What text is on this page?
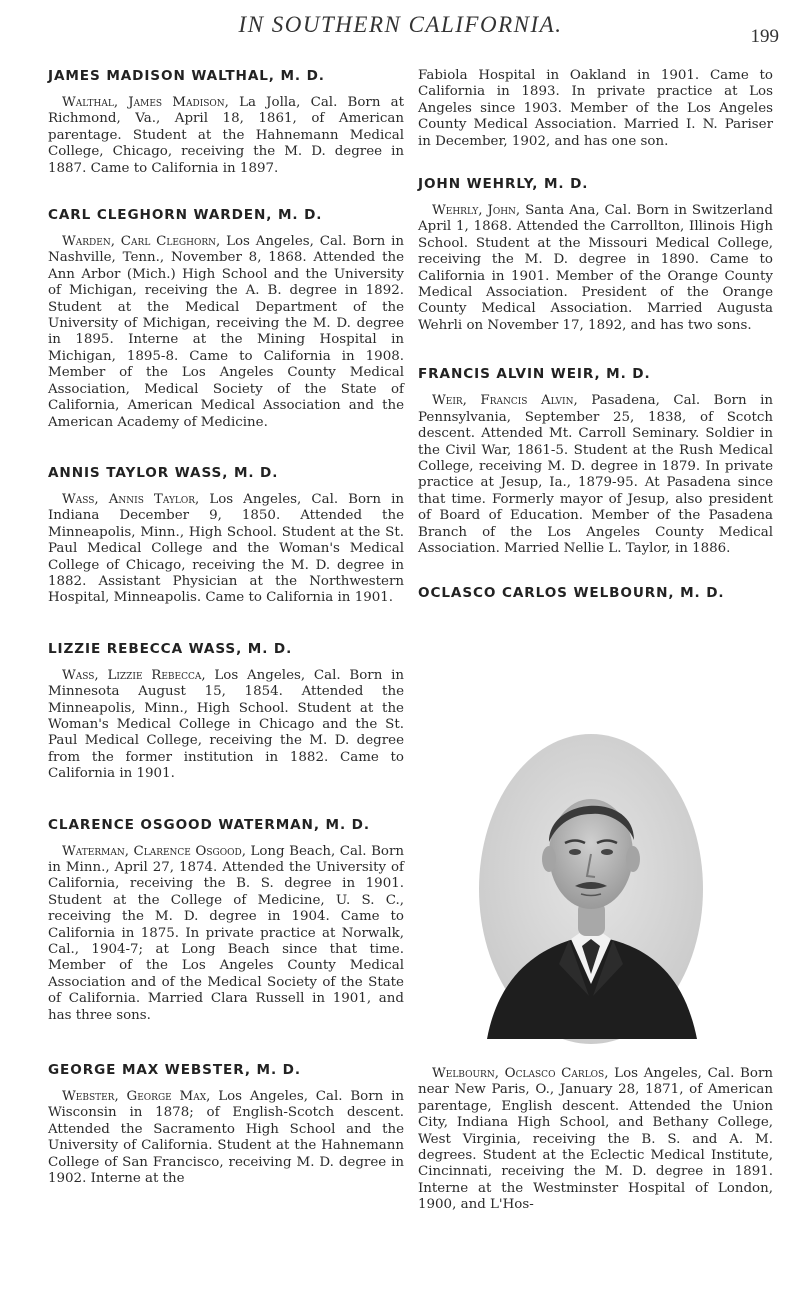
IN SOUTHERN CALIFORNIA.	199
JAMES MADISON WALTHAL, M. D.

Walthal, James Madison, La Jolla, Cal. Born at Richmond, Va., April 18, 1861, of American parentage. Student at the Hahnemann Medical College, Chicago, receiving the M. D. degree in 1887. Came to California in 1897.

CARL CLEGHORN WARDEN, M. D.

Warden, Carl Cleghorn, Los Angeles, Cal. Born in Nashville, Tenn., November 8, 1868. Attended the Ann Arbor (Mich.) High School and the University of Michigan, receiving the A. B. degree in 1892. Student at the Medical Department of the University of Michigan, receiving the M. D. degree in 1895. Interne at the Mining Hospital in Michigan, 1895-8. Came to California in 1908. Member of the Los Angeles County Medical Association, Medical Society of the State of California, American Medical Association and the American Academy of Medicine.

ANNIS TAYLOR WASS, M. D.

Wass, Annis Taylor, Los Angeles, Cal. Born in Indiana December 9, 1850. Attended the Minneapolis, Minn., High School. Student at the St. Paul Medical College and the Woman's Medical College of Chicago, receiving the M. D. degree in 1882. Assistant Physician at the Northwestern Hospital, Minneapolis. Came to California in 1901.

LIZZIE REBECCA WASS, M. D.

Wass, Lizzie Rebecca, Los Angeles, Cal. Born in Minnesota August 15, 1854. Attended the Minneapolis, Minn., High School. Student at the Woman's Medical College in Chicago and the St. Paul Medical College, receiving the M. D. degree from the former institution in 1882. Came to California in 1901.

CLARENCE OSGOOD WATERMAN, M. D.

Waterman, Clarence Osgood, Long Beach, Cal. Born in Minn., April 27, 1874. Attended the University of California, receiving the B. S. degree in 1901. Student at the College of Medicine, U. S. C., receiving the M. D. degree in 1904. Came to California in 1875. In private practice at Norwalk, Cal., 1904-7; at Long Beach since that time. Member of the Los Angeles County Medical Association and of the Medical Society of the State of California. Married Clara Russell in 1901, and has three sons.

GEORGE MAX WEBSTER, M. D.

Webster, George Max, Los Angeles, Cal. Born in Wisconsin in 1878; of English-Scotch descent. Attended the Sacramento High School and the University of California. Student at the Hahnemann College of San Francisco, receiving M. D. degree in 1902. Interne at the

Fabiola Hospital in Oakland in 1901. Came to California in 1893. In private practice at Los Angeles since 1903. Member of the Los Angeles County Medical Association. Married I. N. Pariser in December, 1902, and has one son.

JOHN WEHRLY, M. D.

Wehrly, John, Santa Ana, Cal. Born in Switzerland April 1, 1868. Attended the Carrollton, Illinois High School. Student at the Missouri Medical College, receiving the M. D. degree in 1890. Came to California in 1901. Member of the Orange County Medical Association. President of the Orange County Medical Association. Married Augusta Wehrli on November 17, 1892, and has two sons.

FRANCIS ALVIN WEIR, M. D.

Weir, Francis Alvin, Pasadena, Cal. Born in Pennsylvania, September 25, 1838, of Scotch descent. Attended Mt. Carroll Seminary. Soldier in the Civil War, 1861-5. Student at the Rush Medical College, receiving M. D. degree in 1879. In private practice at Jesup, Ia., 1879-95. At Pasadena since that time. Formerly mayor of Jesup, also president of Board of Education. Member of the Pasadena Branch of the Los Angeles County Medical Association. Married Nellie L. Taylor, in 1886.

OCLASCO CARLOS WELBOURN, M. D.

Welbourn, Oclasco Carlos, Los Angeles, Cal. Born near New Paris, O., January 28, 1871, of American parentage, English descent. Attended the Union City, Indiana High School, and Bethany College, West Virginia, receiving the B. S. and A. M. degrees. Student at the Eclectic Medical Institute, Cincinnati, receiving the M. D. degree in 1891. Interne at the Westminster Hospital of London, 1900, and L'Hos-
